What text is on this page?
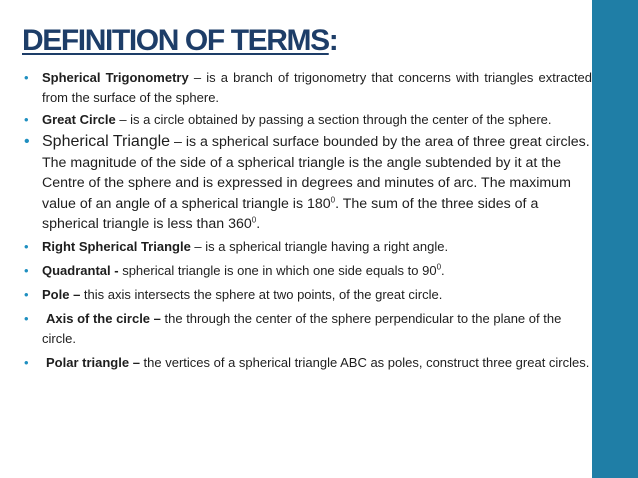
DEFINITION OF TERMS:
• Spherical Trigonometry – is a branch of trigonometry that concerns with triangles extracted from the surface of the sphere.
• Great Circle – is a circle obtained by passing a section through the center of the sphere.
• Spherical Triangle – is a spherical surface bounded by the area of three great circles. The magnitude of the side of a spherical triangle is the angle subtended by it at the Centre of the sphere and is expressed in degrees and minutes of arc. The maximum value of an angle of a spherical triangle is $180^0$. The sum of the three sides of a spherical triangle is less than $360^0$.
• Right Spherical Triangle – is a spherical triangle having a right angle.
• Quadrantal - spherical triangle is one in which one side equals to $90^0$.
• Pole – this axis intersects the sphere at two points, of the great circle.
• Axis of the circle – the through the center of the sphere perpendicular to the plane of the circle.
• Polar triangle – the vertices of a spherical triangle ABC as poles, construct three great circles.
